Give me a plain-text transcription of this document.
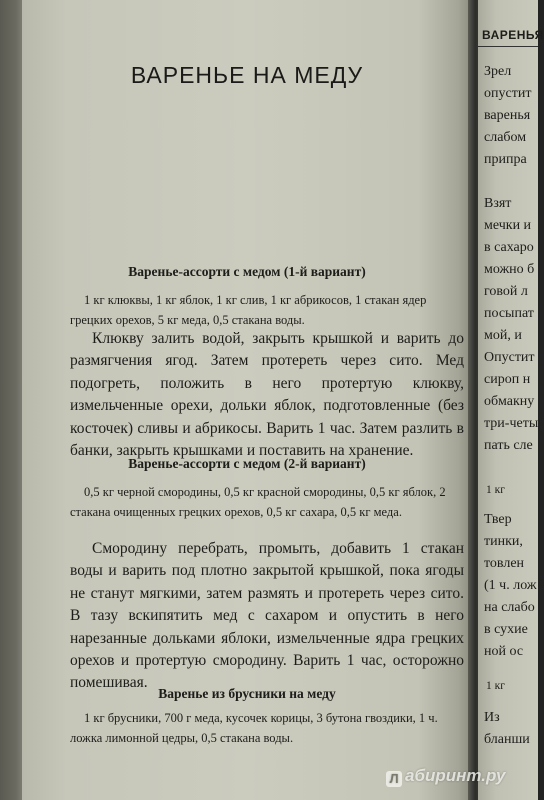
ВАРЕНЬЕ НА МЕДУ
Варенье-ассорти с медом (1-й вариант)
1 кг клюквы, 1 кг яблок, 1 кг слив, 1 кг абрикосов, 1 стакан ядер грецких орехов, 5 кг меда, 0,5 стакана воды.
Клюкву залить водой, закрыть крышкой и варить до размягчения ягод. Затем протереть через сито. Мед подогреть, положить в него протертую клюкву, измельченные орехи, дольки яблок, подготовленные (без косточек) сливы и абрикосы. Варить 1 час. Затем разлить в банки, закрыть крышками и поставить на хранение.
Варенье-ассорти с медом (2-й вариант)
0,5 кг черной смородины, 0,5 кг красной смородины, 0,5 кг яблок, 2 стакана очищенных грецких орехов, 0,5 кг сахара, 0,5 кг меда.
Смородину перебрать, промыть, добавить 1 стакан воды и варить под плотно закрытой крышкой, пока ягоды не станут мягкими, затем размять и протереть через сито. В тазу вскипятить мед с сахаром и опустить в него нарезанные дольками яблоки, измельченные ядра грецких орехов и протертую смородину. Варить 1 час, осторожно помешивая.
Варенье из брусники на меду
1 кг брусники, 700 г меда, кусочек корицы, 3 бутона гвоздики, 1 ч. ложка лимонной цедры, 0,5 стакана воды.
ВАРЕНЬЯ
Зрел
опустит
варенья
слабом
припра
Взят
мечки и
в сахаро
можно б
говой л
посыпат
мой, и
Опустит
сироп н
обмакну
три-четы
пать сле
1 кг
Твер
тинки,
товлен
(1 ч. лож
на слабо
в сухие
ной ос
1 кг
Из
бланши
Л абиринт.ру
